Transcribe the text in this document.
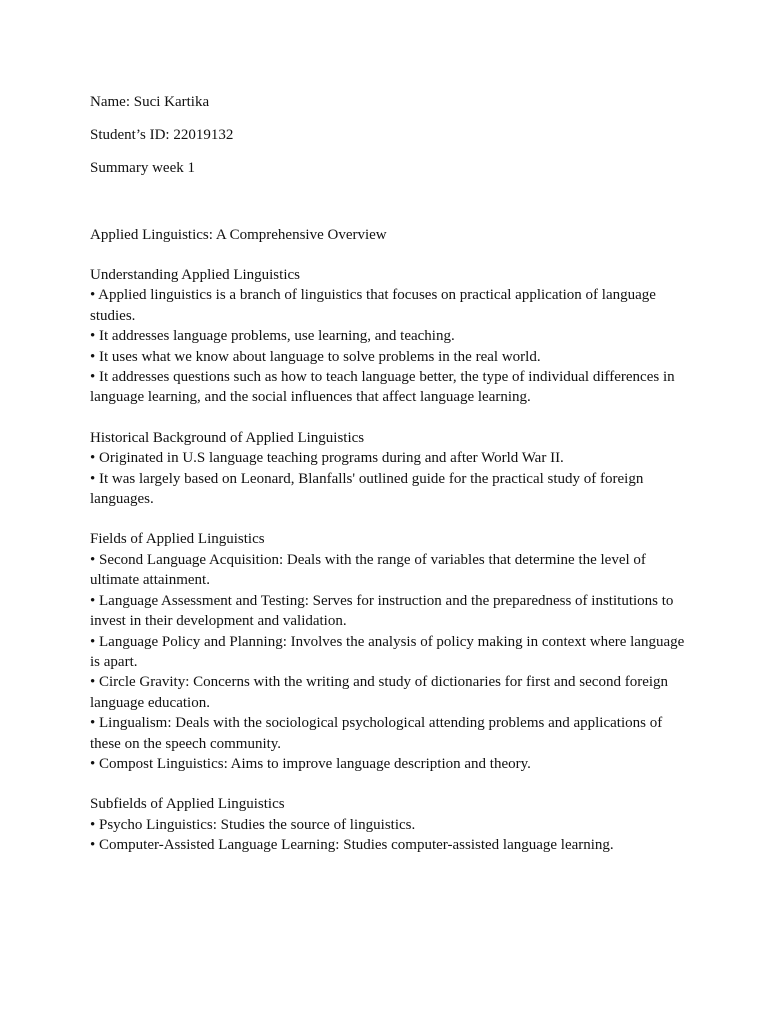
Name: Suci Kartika
Student’s ID: 22019132
Summary week 1
Applied Linguistics: A Comprehensive Overview
Understanding Applied Linguistics
• Applied linguistics is a branch of linguistics that focuses on practical application of language studies.
• It addresses language problems, use learning, and teaching.
• It uses what we know about language to solve problems in the real world.
• It addresses questions such as how to teach language better, the type of individual differences in language learning, and the social influences that affect language learning.
Historical Background of Applied Linguistics
• Originated in U.S language teaching programs during and after World War II.
• It was largely based on Leonard, Blanfalls' outlined guide for the practical study of foreign languages.
Fields of Applied Linguistics
• Second Language Acquisition: Deals with the range of variables that determine the level of ultimate attainment.
• Language Assessment and Testing: Serves for instruction and the preparedness of institutions to invest in their development and validation.
• Language Policy and Planning: Involves the analysis of policy making in context where language is apart.
• Circle Gravity: Concerns with the writing and study of dictionaries for first and second foreign language education.
• Lingualism: Deals with the sociological psychological attending problems and applications of these on the speech community.
• Compost Linguistics: Aims to improve language description and theory.
Subfields of Applied Linguistics
• Psycho Linguistics: Studies the source of linguistics.
• Computer-Assisted Language Learning: Studies computer-assisted language learning.
